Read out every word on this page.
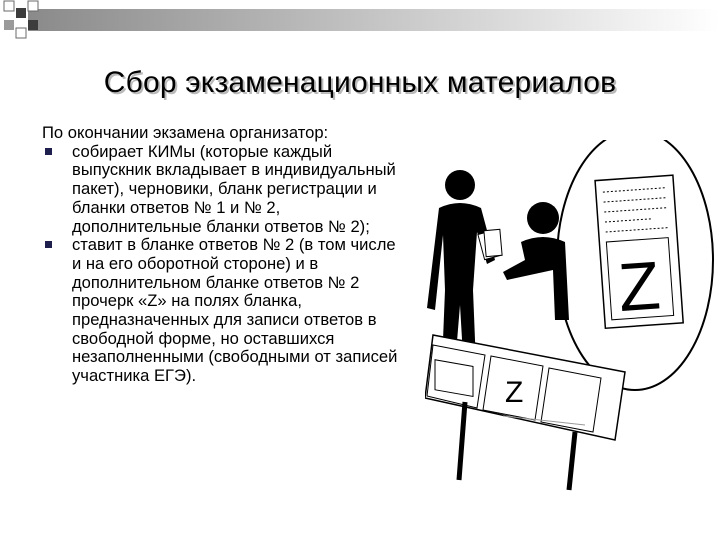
Сбор экзаменационных материалов
По окончании экзамена организатор:
собирает КИМы (которые каждый выпускник вкладывает в индивидуальный пакет), черновики, бланк регистрации и бланки ответов № 1 и № 2, дополнительные бланки ответов № 2);
ставит в бланке ответов № 2 (в том числе и на его оборотной стороне) и в дополнительном бланке ответов № 2 прочерк «Z» на полях бланка, предназначенных для записи ответов в свободной форме, но оставшихся незаполненными (свободными от записей участника ЕГЭ).
Z
Z
